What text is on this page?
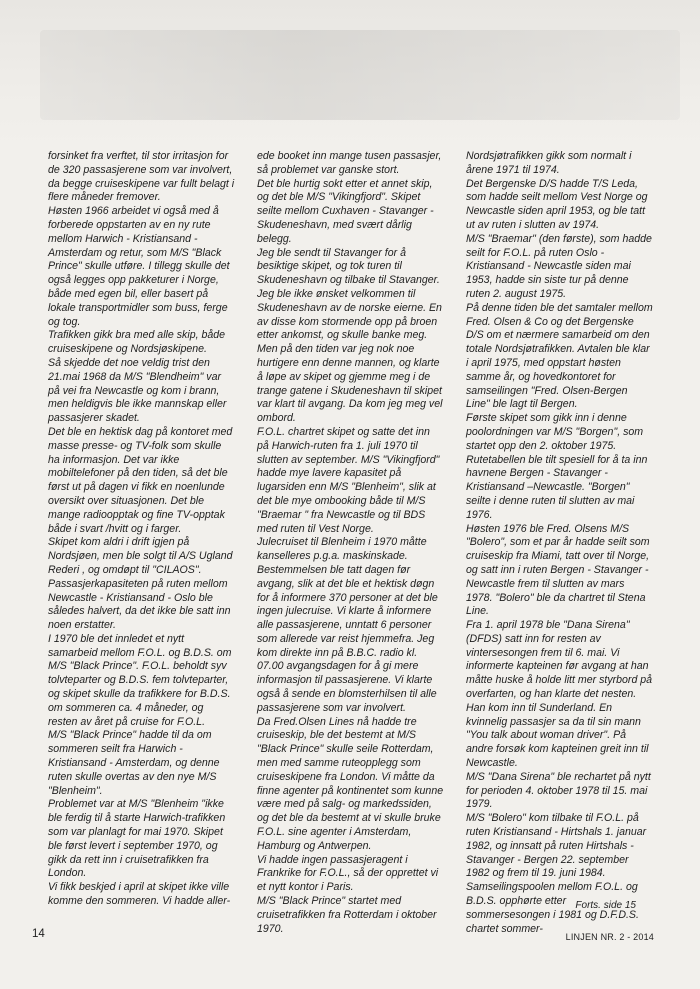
forsinket fra verftet, til stor irritasjon for de 320 passasjerene som var involvert, da begge cruiseskipene var fullt belagt i flere måneder fremover.

Høsten 1966 arbeidet vi også med å forberede oppstarten av en ny rute mellom Harwich - Kristiansand - Amsterdam og retur, som M/S "Black Prince" skulle utføre. I tillegg skulle det også legges opp pakketurer i Norge, både med egen bil, eller basert på lokale transportmidler som buss, ferge og tog.

Trafikken gikk bra med alle skip, både cruiseskipene og Nordsjøskipene.

Så skjedde det noe veldig trist den 21.mai 1968 da M/S "Blendheim" var på vei fra Newcastle og kom i brann, men heldigvis ble ikke mannskap eller passasjerer skadet.

Det ble en hektisk dag på kontoret med masse presse- og TV-folk som skulle ha informasjon. Det var ikke mobiltelefoner på den tiden, så det ble først ut på dagen vi fikk en noenlunde oversikt over situasjonen. Det ble mange radioopptak og fine TV-opptak både i svart /hvitt og i farger.

Skipet kom aldri i drift igjen på Nordsjøen, men ble solgt til A/S Ugland Rederi , og omdøpt til "CILAOS".

Passasjerkapasiteten på ruten mellom Newcastle - Kristiansand - Oslo ble således halvert, da det ikke ble satt inn noen erstatter.

I 1970 ble det innledet et nytt samarbeid mellom F.O.L. og B.D.S. om M/S "Black Prince". F.O.L. beholdt syv tolvteparter og B.D.S. fem tolvteparter, og skipet skulle da trafikkere for B.D.S. om sommeren ca. 4 måneder, og resten av året på cruise for F.O.L.

M/S "Black Prince" hadde til da om sommeren seilt fra Harwich - Kristiansand - Amsterdam, og denne ruten skulle overtas av den nye M/S "Blenheim".

Problemet var at M/S "Blenheim "ikke ble ferdig til å starte Harwich-trafikken som var planlagt for mai 1970. Skipet ble først levert i september 1970, og gikk da rett inn i cruisetrafikken fra London.

Vi fikk beskjed i april at skipet ikke ville komme den sommeren. Vi hadde aller-

ede booket inn mange tusen passasjer, så problemet var ganske stort.

Det ble hurtig sokt etter et annet skip, og det ble M/S "Vikingfjord". Skipet seilte mellom Cuxhaven - Stavanger - Skudeneshavn, med svært dårlig belegg.

Jeg ble sendt til Stavanger for å besiktige skipet, og tok turen til Skudeneshavn og tilbake til Stavanger. Jeg ble ikke ønsket velkommen til Skudeneshavn av de norske eierne. En av disse kom stormende opp på broen etter ankomst, og skulle banke meg. Men på den tiden var jeg nok noe hurtigere enn denne mannen, og klarte å løpe av skipet og gjemme meg i de trange gatene i Skudeneshavn til skipet var klart til avgang. Da kom jeg meg vel ombord.

F.O.L. chartret skipet og satte det inn på Harwich-ruten fra 1. juli 1970 til slutten av september. M/S "Vikingfjord" hadde mye lavere kapasitet på lugarsiden enn M/S "Blenheim", slik at det ble mye ombooking både til M/S "Braemar " fra Newcastle og til BDS med ruten til Vest Norge.

Julecruiset til Blenheim i 1970 måtte kanselleres p.g.a. maskinskade. Bestemmelsen ble tatt dagen før avgang, slik at det ble et hektisk døgn for å informere 370 personer at det ble ingen julecruise. Vi klarte å informere alle passasjerene, unntatt 6 personer som allerede var reist hjemmefra. Jeg kom direkte inn på B.B.C. radio kl. 07.00 avgangsdagen for å gi mere informasjon til passasjerene. Vi klarte også å sende en blomsterhilsen til alle passasjerene som var involvert.

Da Fred.Olsen Lines nå hadde tre cruiseskip, ble det bestemt at M/S "Black Prince" skulle seile Rotterdam, men med samme ruteopplegg som cruiseskipene fra London. Vi måtte da finne agenter på kontinentet som kunne være med på salg- og markedssiden, og det ble da bestemt at vi skulle bruke F.O.L. sine agenter i Amsterdam, Hamburg og Antwerpen.

Vi hadde ingen passasjeragent i Frankrike for F.O.L., så der opprettet vi et nytt kontor i Paris.

M/S "Black Prince" startet med cruisetrafikken fra Rotterdam i oktober 1970.

Nordsjøtrafikken gikk som normalt i årene 1971 til 1974.

Det Bergenske D/S hadde T/S Leda, som hadde seilt mellom Vest Norge og Newcastle siden april 1953, og ble tatt ut av ruten i slutten av 1974.

M/S "Braemar" (den første), som hadde seilt for F.O.L. på ruten Oslo - Kristiansand - Newcastle siden mai 1953, hadde sin siste tur på denne ruten 2. august 1975.

På denne tiden ble det samtaler mellom Fred. Olsen & Co og det Bergenske D/S om et nærmere samarbeid om den totale Nordsjøtrafikken. Avtalen ble klar i april 1975, med oppstart høsten samme år, og hovedkontoret for samseilingen "Fred. Olsen-Bergen Line" ble lagt til Bergen.

Første skipet som gikk inn i denne poolordningen var M/S "Borgen", som startet opp den 2. oktober 1975.

Rutetabellen ble tilt spesiell for å ta inn havnene Bergen - Stavanger - Kristiansand –Newcastle. "Borgen" seilte i denne ruten til slutten av mai 1976.

Høsten 1976 ble Fred. Olsens M/S "Bolero", som et par år hadde seilt som cruiseskip fra Miami, tatt over til Norge, og satt inn i ruten Bergen - Stavanger - Newcastle frem til slutten av mars 1978. "Bolero" ble da chartret til Stena Line.

Fra 1. april 1978 ble "Dana Sirena" (DFDS) satt inn for resten av vintersesongen frem til 6. mai. Vi informerte kapteinen før avgang at han måtte huske å holde litt mer styrbord på overfarten, og han klarte det nesten. Han kom inn til Sunderland. En kvinnelig passasjer sa da til sin mann "You talk about woman driver". På andre forsøk kom kapteinen greit inn til Newcastle.

M/S "Dana Sirena" ble rechartet på nytt for perioden 4. oktober 1978 til 15. mai 1979.

M/S "Bolero" kom tilbake til F.O.L. på ruten Kristiansand - Hirtshals 1. januar 1982, og innsatt på ruten Hirtshals - Stavanger - Bergen 22. september 1982 og frem til 19. juni 1984.

Samseilingspoolen mellom F.O.L. og B.D.S. opphørte etter sommersesongen i 1981 og D.F.D.S. chartet sommer-

Forts. side 15
14	LINJEN NR. 2 - 2014
